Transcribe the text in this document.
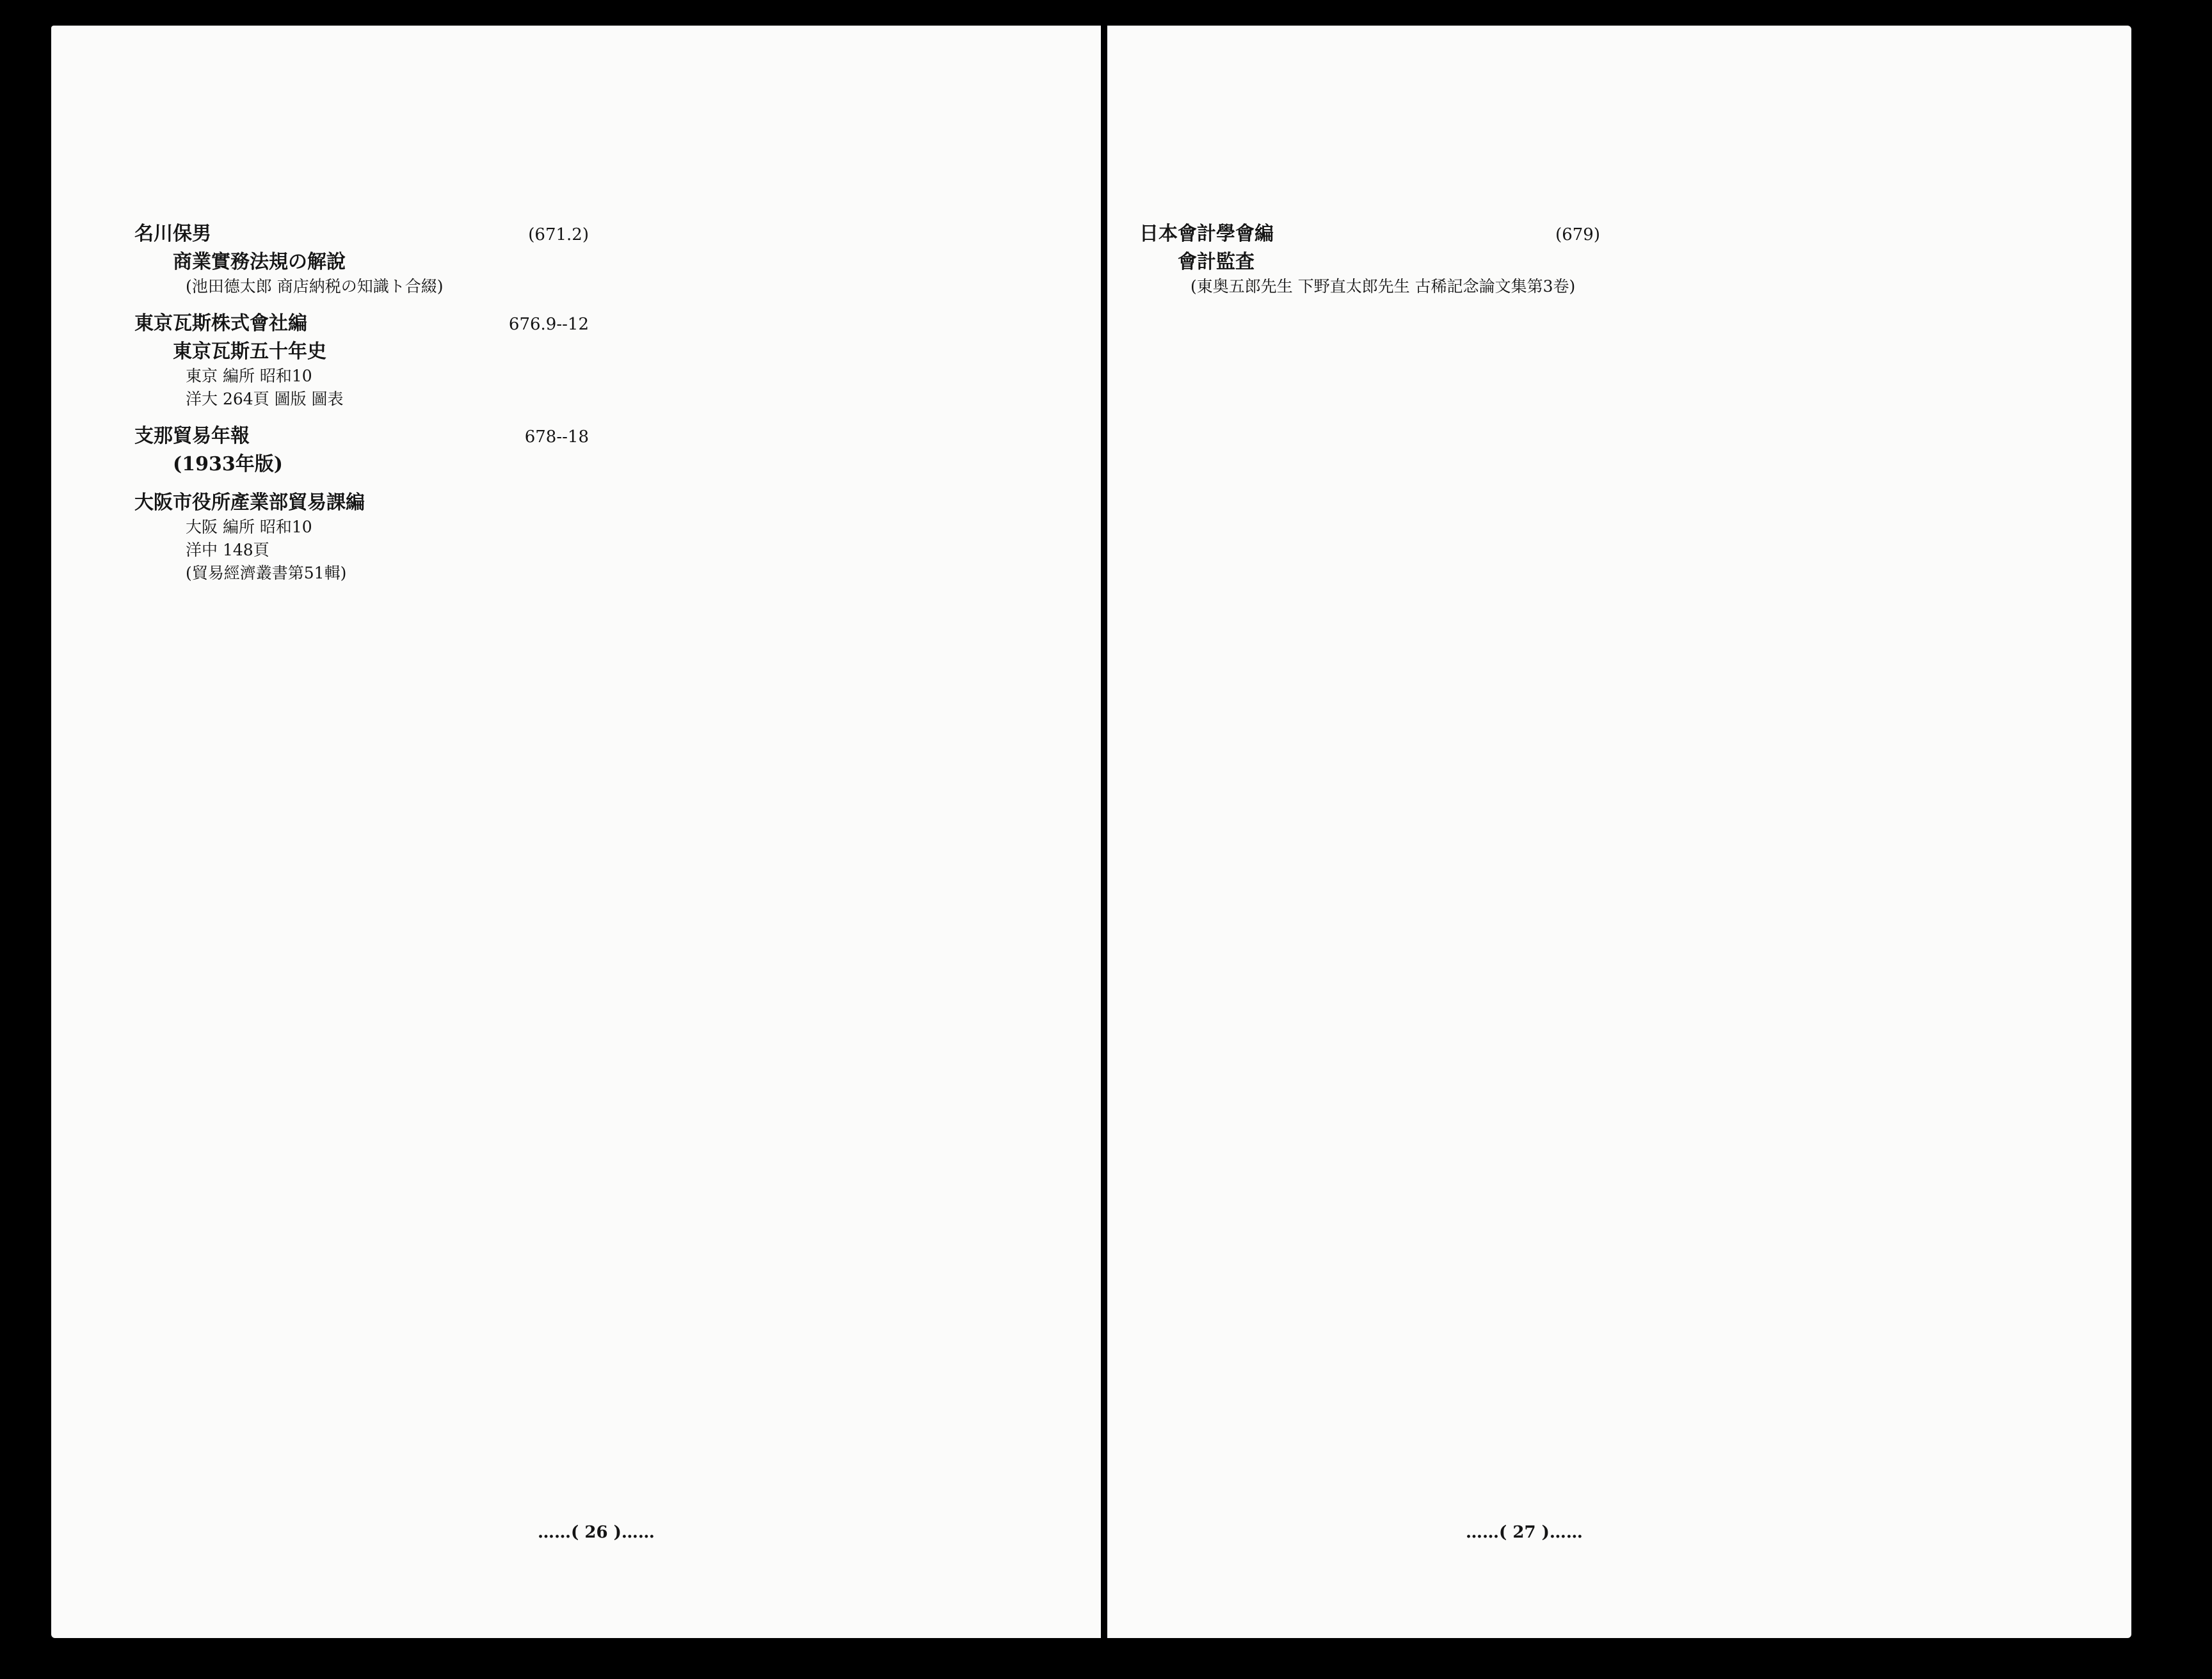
名川保男	(671.2)
商業實務法規の解說
(池田德太郎 商店納税の知識ト合綴)
東京瓦斯株式會社編	676.9--12
東京瓦斯五十年史
東京 編所 昭和10
洋大 264頁 圖版 圖表
支那貿易年報	678--18
(1933年版)
大阪市役所產業部貿易課編
大阪 編所 昭和10
洋中 148頁
(貿易經濟叢書第51輯)
……( 26 )……
日本會計學會編	(679)
會計監査
(東奥五郎先生 下野直太郎先生 古稀記念論文集第3卷)
……( 27 )……
